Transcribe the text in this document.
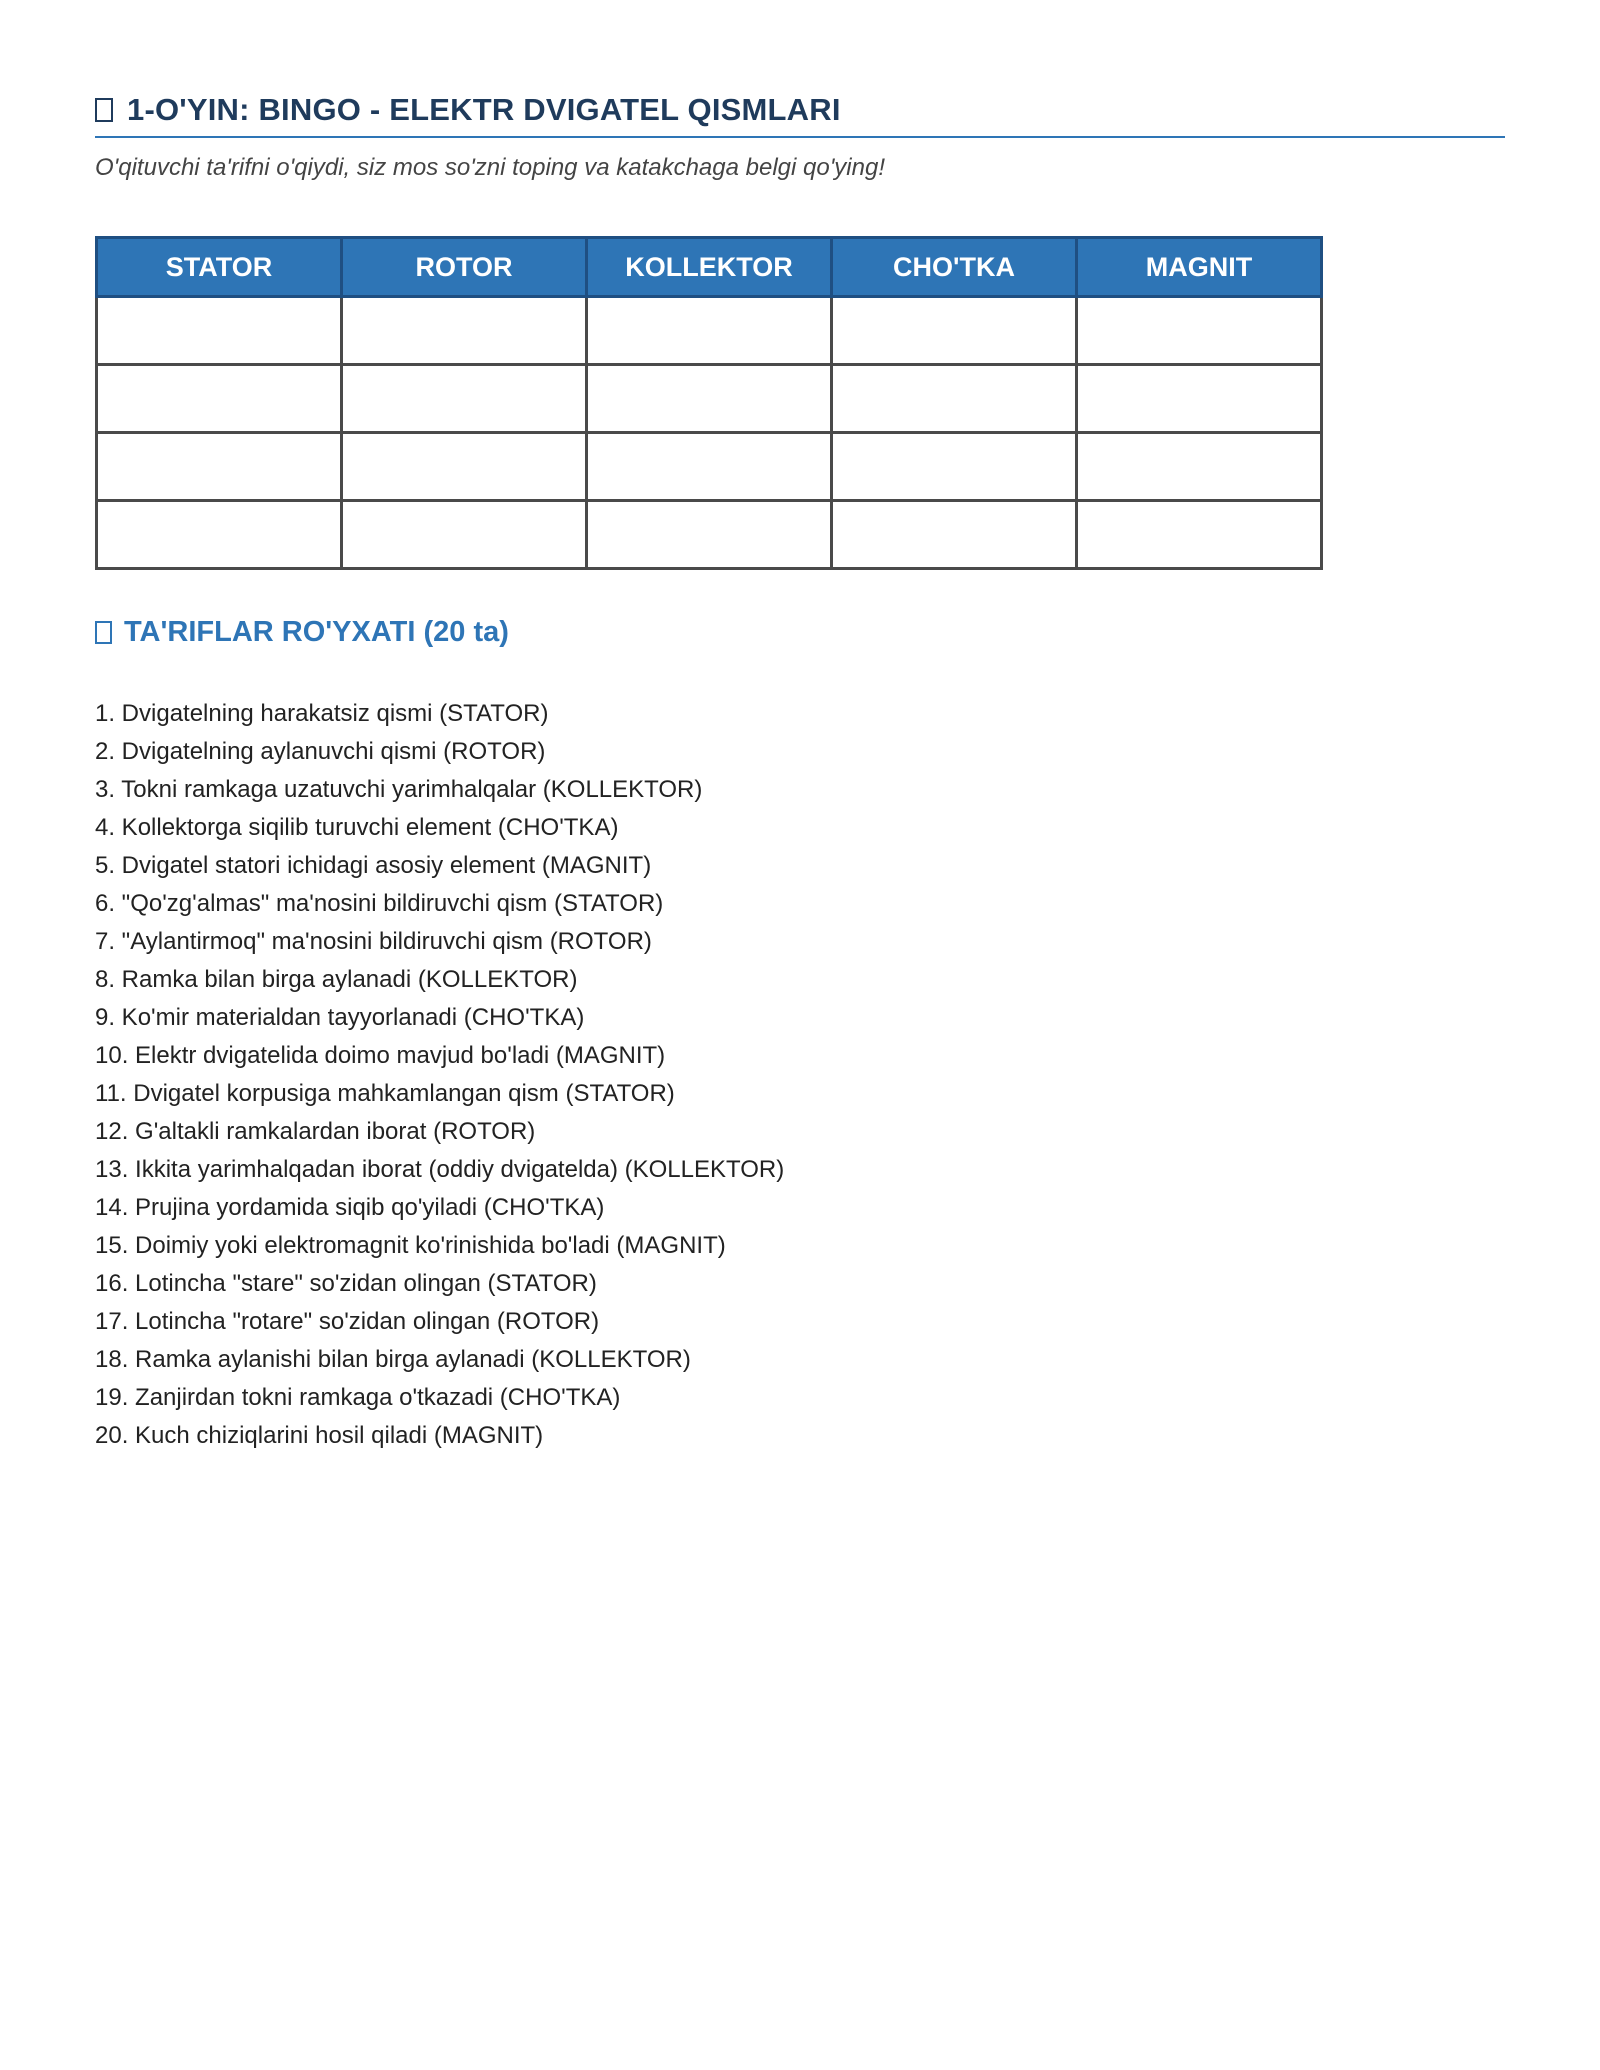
1-O'YIN: BINGO - ELEKTR DVIGATEL QISMLARI

O'qituvchi ta'rifni o'qiydi, siz mos so'zni toping va katakchaga belgi qo'ying!

STATOR	ROTOR	KOLLEKTOR	CHO'TKA	MAGNIT

TA'RIFLAR RO'YXATI (20 ta)
1. Dvigatelning harakatsiz qismi (STATOR)
2. Dvigatelning aylanuvchi qismi (ROTOR)
3. Tokni ramkaga uzatuvchi yarimhalqalar (KOLLEKTOR)
4. Kollektorga siqilib turuvchi element (CHO'TKA)
5. Dvigatel statori ichidagi asosiy element (MAGNIT)
6. "Qo'zg'almas" ma'nosini bildiruvchi qism (STATOR)
7. "Aylantirmoq" ma'nosini bildiruvchi qism (ROTOR)
8. Ramka bilan birga aylanadi (KOLLEKTOR)
9. Ko'mir materialdan tayyorlanadi (CHO'TKA)
10. Elektr dvigatelida doimo mavjud bo'ladi (MAGNIT)
11. Dvigatel korpusiga mahkamlangan qism (STATOR)
12. G'altakli ramkalardan iborat (ROTOR)
13. Ikkita yarimhalqadan iborat (oddiy dvigatelda) (KOLLEKTOR)
14. Prujina yordamida siqib qo'yiladi (CHO'TKA)
15. Doimiy yoki elektromagnit ko'rinishida bo'ladi (MAGNIT)
16. Lotincha "stare" so'zidan olingan (STATOR)
17. Lotincha "rotare" so'zidan olingan (ROTOR)
18. Ramka aylanishi bilan birga aylanadi (KOLLEKTOR)
19. Zanjirdan tokni ramkaga o'tkazadi (CHO'TKA)
20. Kuch chiziqlarini hosil qiladi (MAGNIT)
